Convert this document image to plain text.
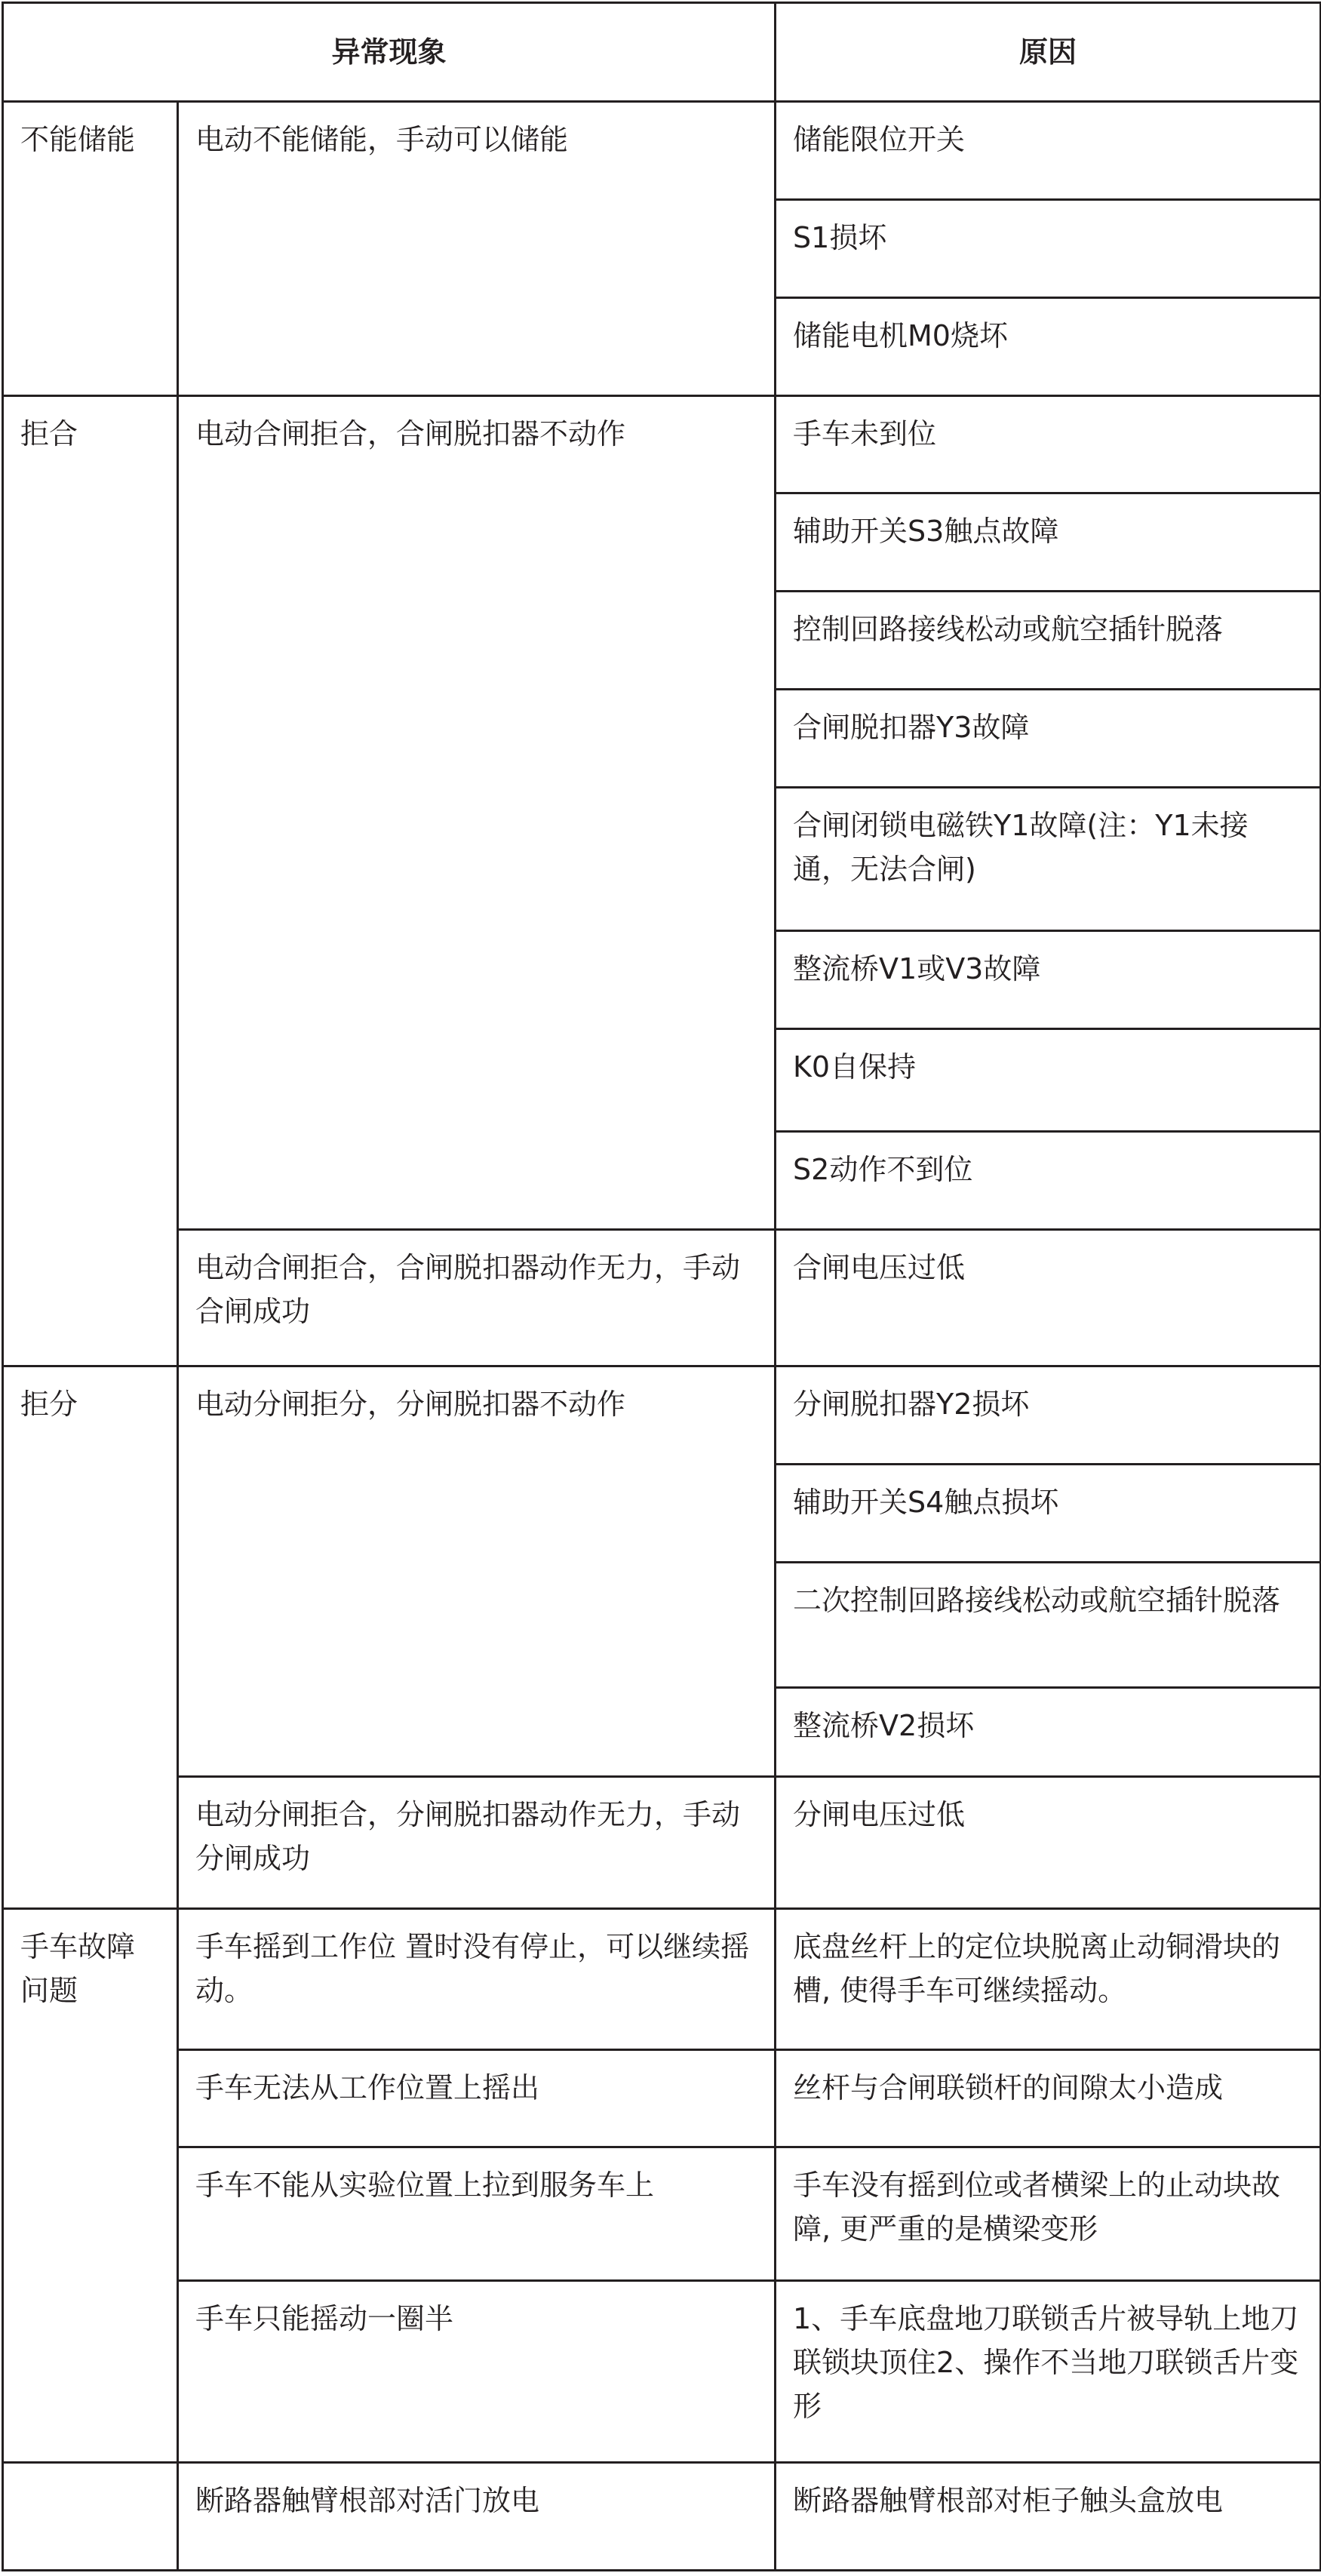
异常现象		原因
不能储能	电动不能储能，手动可以储能	储能限位开关
		S1损坏
		储能电机M0烧坏
拒合	电动合闸拒合，合闸脱扣器不动作	手车未到位
		辅助开关S3触点故障
		控制回路接线松动或航空插针脱落
		合闸脱扣器Y3故障
		合闸闭锁电磁铁Y1故障(注：Y1未接通，无法合闸)
		整流桥V1或V3故障
		K0自保持
		S2动作不到位
	电动合闸拒合，合闸脱扣器动作无力，手动合闸成功	合闸电压过低
拒分	电动分闸拒分，分闸脱扣器不动作	分闸脱扣器Y2损坏
		辅助开关S4触点损坏
		二次控制回路接线松动或航空插针脱落
		整流桥V2损坏
	电动分闸拒合，分闸脱扣器动作无力，手动分闸成功	分闸电压过低
手车故障问题	手车摇到工作位 置时没有停止，可以继续摇动。	底盘丝杆上的定位块脱离止动铜滑块的槽, 使得手车可继续摇动。
	手车无法从工作位置上摇出	丝杆与合闸联锁杆的间隙太小造成
	手车不能从实验位置上拉到服务车上	手车没有摇到位或者横梁上的止动块故障, 更严重的是横梁变形
	手车只能摇动一圈半	1、手车底盘地刀联锁舌片被导轨上地刀联锁块顶住2、操作不当地刀联锁舌片变形
	断路器触臂根部对活门放电	断路器触臂根部对柜子触头盒放电
